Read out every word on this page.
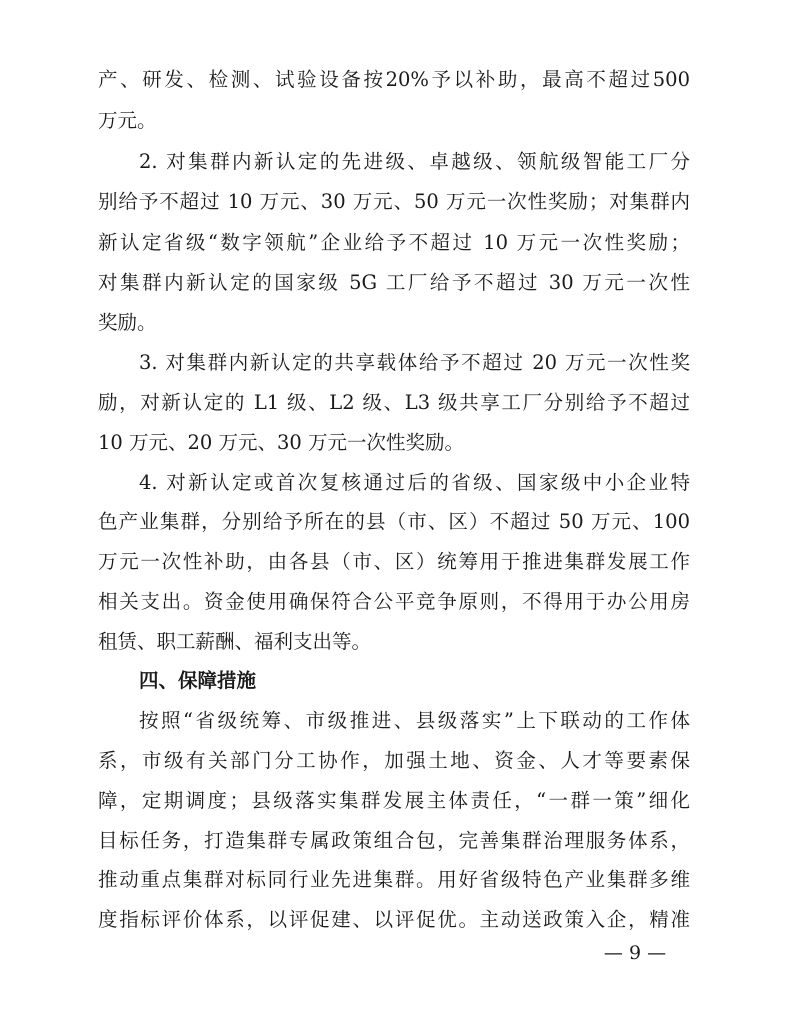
产、研发、检测、试验设备按20%予以补助，最高不超过500
万元。
2. 对集群内新认定的先进级、卓越级、领航级智能工厂分
别给予不超过 10 万元、30 万元、50 万元一次性奖励；对集群内
新认定省级“数字领航”企业给予不超过 10 万元一次性奖励；
对集群内新认定的国家级 5G 工厂给予不超过 30 万元一次性
奖励。
3. 对集群内新认定的共享载体给予不超过 20 万元一次性奖
励，对新认定的 L1 级、L2 级、L3 级共享工厂分别给予不超过
10 万元、20 万元、30 万元一次性奖励。
4. 对新认定或首次复核通过后的省级、国家级中小企业特
色产业集群，分别给予所在的县（市、区）不超过 50 万元、100
万元一次性补助，由各县（市、区）统筹用于推进集群发展工作
相关支出。资金使用确保符合公平竞争原则，不得用于办公用房
租赁、职工薪酬、福利支出等。
四、保障措施
按照“省级统筹、市级推进、县级落实”上下联动的工作体
系，市级有关部门分工协作，加强土地、资金、人才等要素保
障，定期调度；县级落实集群发展主体责任，“一群一策”细化
目标任务，打造集群专属政策组合包，完善集群治理服务体系，
推动重点集群对标同行业先进集群。用好省级特色产业集群多维
度指标评价体系，以评促建、以评促优。主动送政策入企，精准
— 9 —
